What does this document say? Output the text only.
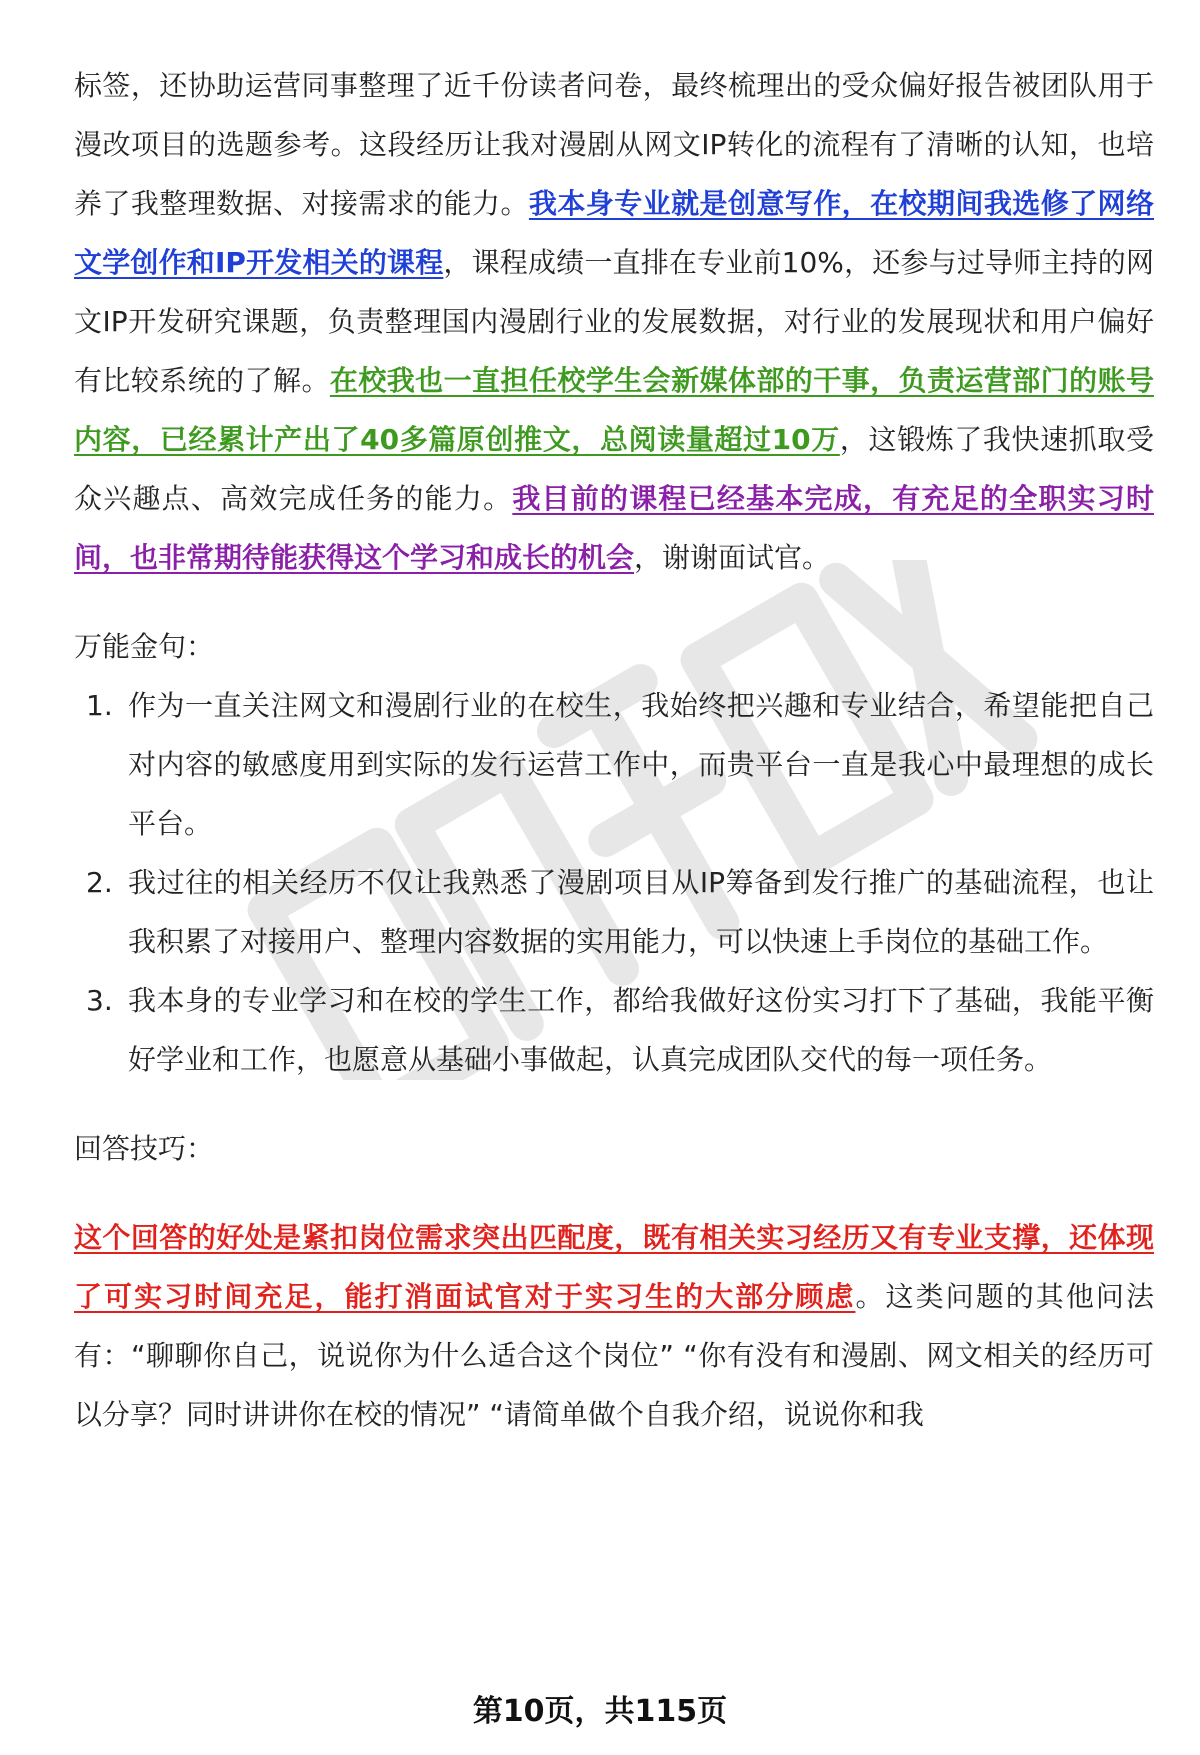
标签，还协助运营同事整理了近千份读者问卷，最终梳理出的受众偏好报告被团队用于漫改项目的选题参考。这段经历让我对漫剧从网文IP转化的流程有了清晰的认知，也培养了我整理数据、对接需求的能力。我本身专业就是创意写作，在校期间我选修了网络文学创作和IP开发相关的课程，课程成绩一直排在专业前10%，还参与过导师主持的网文IP开发研究课题，负责整理国内漫剧行业的发展数据，对行业的发展现状和用户偏好有比较系统的了解。在校我也一直担任校学生会新媒体部的干事，负责运营部门的账号内容，已经累计产出了40多篇原创推文，总阅读量超过10万，这锻炼了我快速抓取受众兴趣点、高效完成任务的能力。我目前的课程已经基本完成，有充足的全职实习时间，也非常期待能获得这个学习和成长的机会，谢谢面试官。

万能金句：

1. 作为一直关注网文和漫剧行业的在校生，我始终把兴趣和专业结合，希望能把自己对内容的敏感度用到实际的发行运营工作中，而贵平台一直是我心中最理想的成长平台。
2. 我过往的相关经历不仅让我熟悉了漫剧项目从IP筹备到发行推广的基础流程，也让我积累了对接用户、整理内容数据的实用能力，可以快速上手岗位的基础工作。
3. 我本身的专业学习和在校的学生工作，都给我做好这份实习打下了基础，我能平衡好学业和工作，也愿意从基础小事做起，认真完成团队交代的每一项任务。

回答技巧：

这个回答的好处是紧扣岗位需求突出匹配度，既有相关实习经历又有专业支撑，还体现了可实习时间充足，能打消面试官对于实习生的大部分顾虑。这类问题的其他问法有：“聊聊你自己，说说你为什么适合这个岗位” “你有没有和漫剧、网文相关的经历可以分享？同时讲讲你在校的情况” “请简单做个自我介绍，说说你和我

第10页，共115页
